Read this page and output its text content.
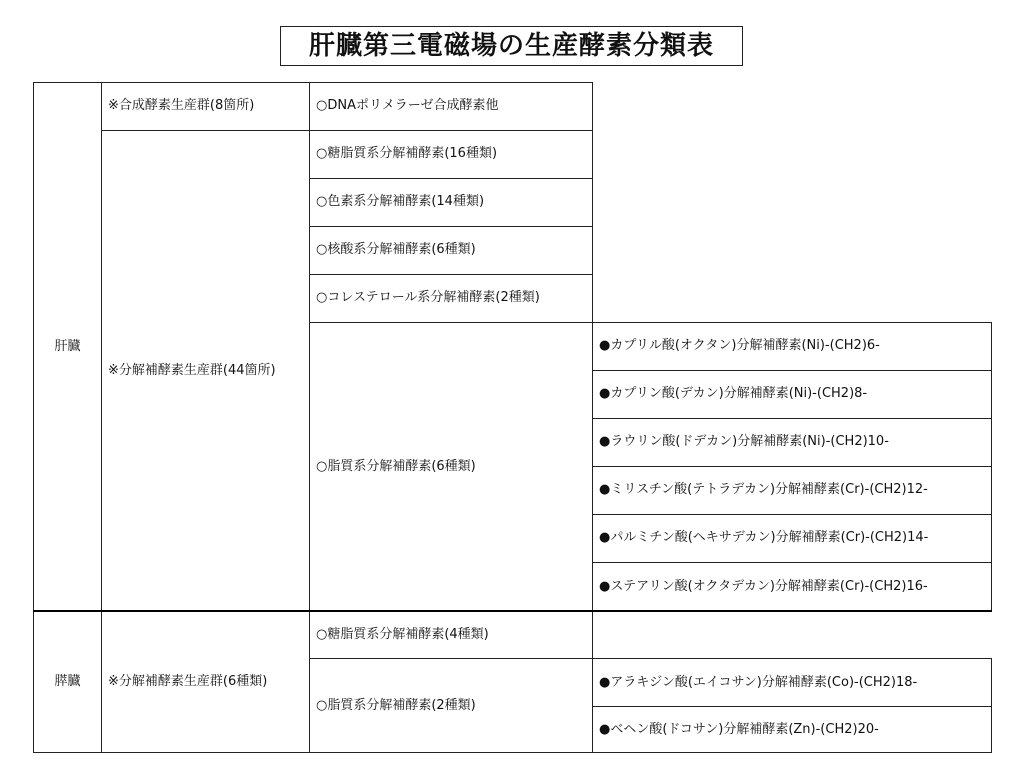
肝臓第三電磁場の生産酵素分類表
肝臓
膵臓
※合成酵素生産群(8箇所)
※分解補酵素生産群(44箇所)
※分解補酵素生産群(6種類)
○DNAポリメラーゼ合成酵素他
○糖脂質系分解補酵素(16種類)
○色素系分解補酵素(14種類)
○核酸系分解補酵素(6種類)
○コレステロール系分解補酵素(2種類)
○脂質系分解補酵素(6種類)
○糖脂質系分解補酵素(4種類)
○脂質系分解補酵素(2種類)
●カプリル酸(オクタン)分解補酵素(Ni)-(CH2)6-
●カプリン酸(デカン)分解補酵素(Ni)-(CH2)8-
●ラウリン酸(ドデカン)分解補酵素(Ni)-(CH2)10-
●ミリスチン酸(テトラデカン)分解補酵素(Cr)-(CH2)12-
●パルミチン酸(ヘキサデカン)分解補酵素(Cr)-(CH2)14-
●ステアリン酸(オクタデカン)分解補酵素(Cr)-(CH2)16-
●アラキジン酸(エイコサン)分解補酵素(Co)-(CH2)18-
●ベヘン酸(ドコサン)分解補酵素(Zn)-(CH2)20-
